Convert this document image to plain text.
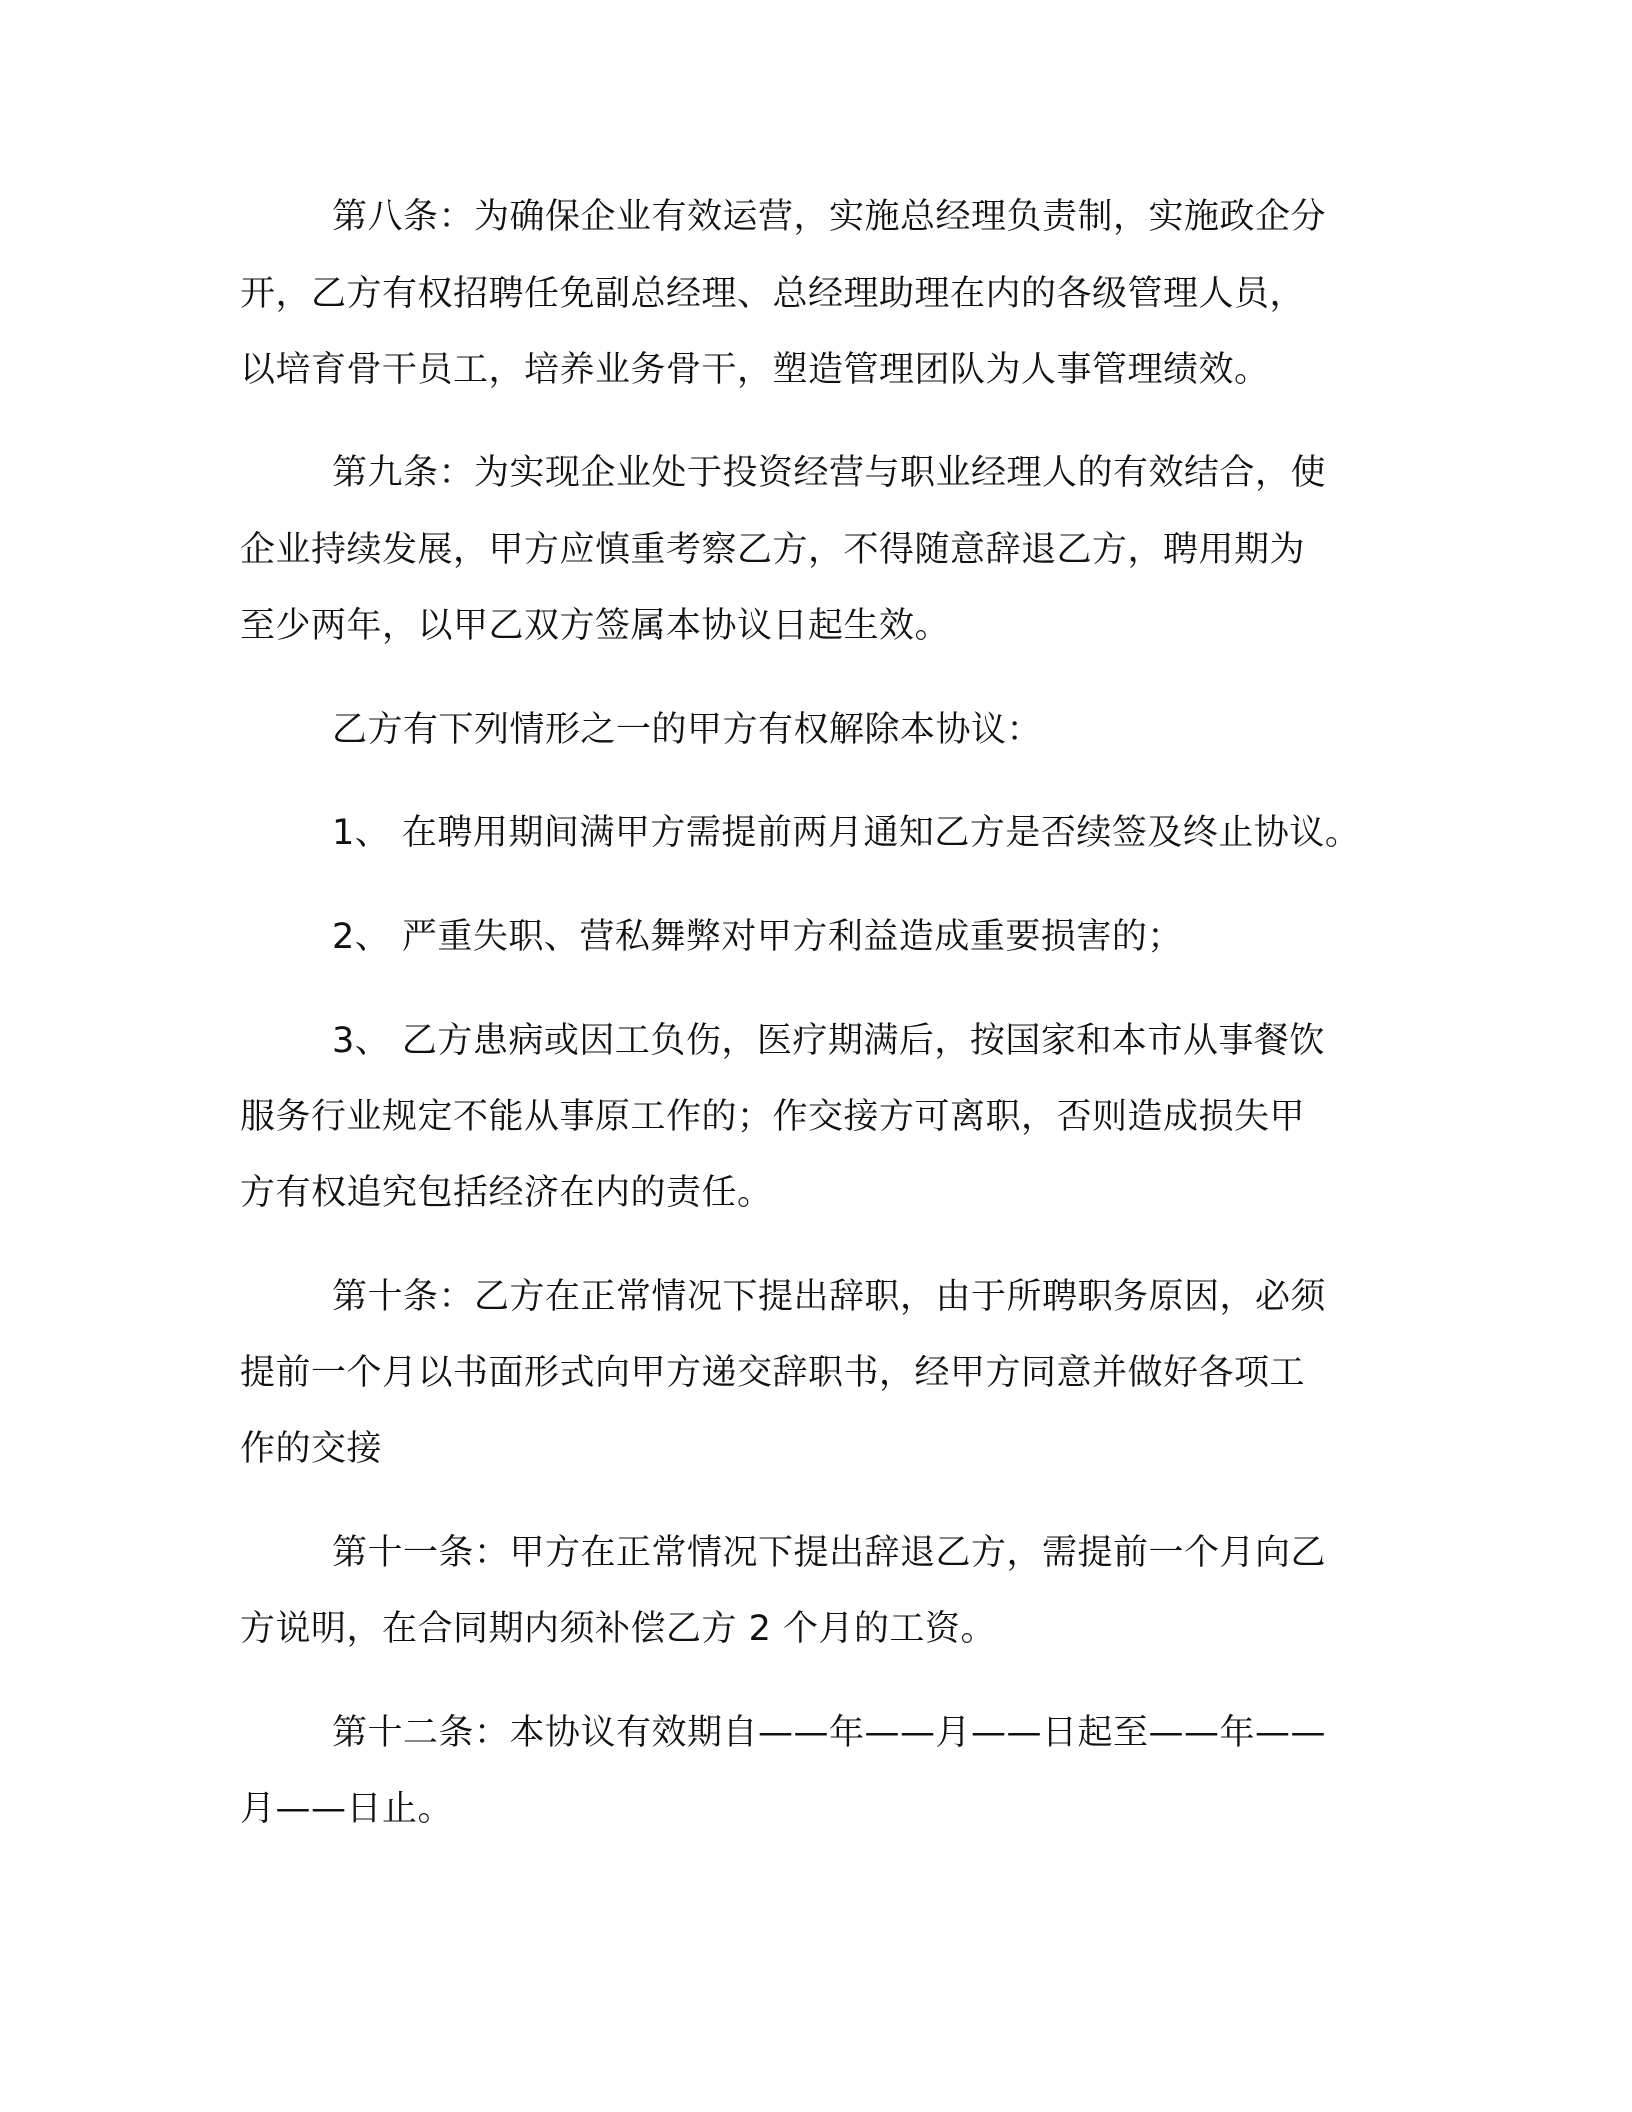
第八条：为确保企业有效运营，实施总经理负责制，实施政企分
开，乙方有权招聘任免副总经理、总经理助理在内的各级管理人员，
以培育骨干员工，培养业务骨干，塑造管理团队为人事管理绩效。
第九条：为实现企业处于投资经营与职业经理人的有效结合，使
企业持续发展，甲方应慎重考察乙方，不得随意辞退乙方，聘用期为
至少两年，以甲乙双方签属本协议日起生效。
乙方有下列情形之一的甲方有权解除本协议：
1、 在聘用期间满甲方需提前两月通知乙方是否续签及终止协议。
2、 严重失职、营私舞弊对甲方利益造成重要损害的；
3、 乙方患病或因工负伤，医疗期满后，按国家和本市从事餐饮
服务行业规定不能从事原工作的；作交接方可离职，否则造成损失甲
方有权追究包括经济在内的责任。
第十条：乙方在正常情况下提出辞职，由于所聘职务原因，必须
提前一个月以书面形式向甲方递交辞职书，经甲方同意并做好各项工
作的交接
第十一条：甲方在正常情况下提出辞退乙方，需提前一个月向乙
方说明，在合同期内须补偿乙方 2 个月的工资。
第十二条：本协议有效期自——年——月——日起至——年——
月——日止。
